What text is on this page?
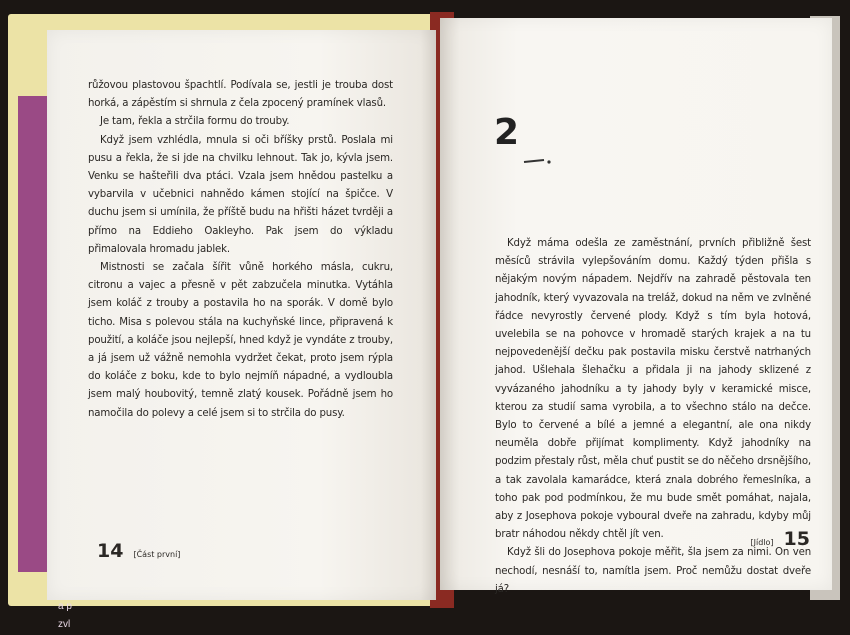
a p
zvl

růžovou plastovou špachtlí. Podívala se, jestli je trouba dost horká, a zápěstím si shrnula z čela zpocený pramínek vlasů.

Je tam, řekla a strčila formu do trouby.

Když jsem vzhlédla, mnula si oči bříšky prstů. Poslala mi pusu a řekla, že si jde na chvilku lehnout. Tak jo, kývla jsem. Venku se hašteřili dva ptáci. Vzala jsem hnědou pastelku a vybarvila v učebnici nahnědo kámen stojící na špičce. V duchu jsem si umínila, že příště budu na hřišti házet tvrději a přímo na Eddieho Oakleyho. Pak jsem do výkladu přimalovala hromadu jablek.

Mistnosti se začala šířit vůně horkého másla, cukru, citronu a vajec a přesně v pět zabzučela minutka. Vytáhla jsem koláč z trouby a postavila ho na sporák. V domě bylo ticho. Misa s polevou stála na kuchyňské lince, připravená k použití, a koláče jsou nejlepší, hned když je vyndáte z trouby, a já jsem už vážně nemohla vydržet čekat, proto jsem rýpla do koláče z boku, kde to bylo nejmíň nápadné, a vydloubla jsem malý houbovitý, temně zlatý kousek. Pořádně jsem ho namočila do polevy a celé jsem si to strčila do pusy.

14 [Část první]
2

Když máma odešla ze zaměstnání, prvních přibližně šest měsíců strávila vylepšováním domu. Každý týden přišla s nějakým novým nápadem. Nejdřív na zahradě pěstovala ten jahodník, který vyvazovala na treláž, dokud na něm ve zvlněné řádce nevyrostly červené plody. Když s tím byla hotová, uvelebila se na pohovce v hromadě starých krajek a na tu nejpovedenější dečku pak postavila misku čerstvě natrhaných jahod. Ušlehala šlehačku a přidala ji na jahody sklizené z vyvázaného jahodníku a ty jahody byly v keramické misce, kterou za studií sama vyrobila, a to všechno stálo na dečce. Bylo to červené a bílé a jemné a elegantní, ale ona nikdy neuměla dobře přijímat komplimenty. Když jahodníky na podzim přestaly růst, měla chuť pustit se do něčeho drsnějšího, a tak zavolala kamarádce, která znala dobrého řemeslníka, a toho pak pod podmínkou, že mu bude smět pomáhat, najala, aby z Josephova pokoje vyboural dveře na zahradu, kdyby můj bratr náhodou někdy chtěl jít ven.

Když šli do Josephova pokoje měřit, šla jsem za nimi. On ven nechodí, nesnáší to, namítla jsem. Proč nemůžu dostat dveře já?

[Jídlo] 15
